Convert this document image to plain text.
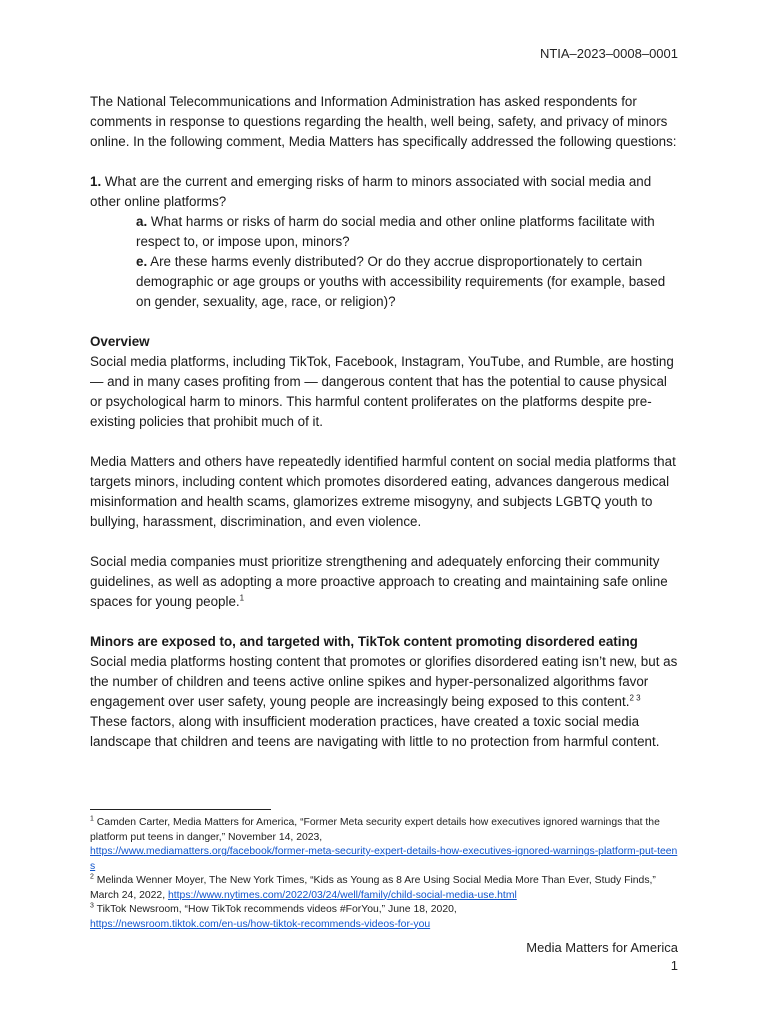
NTIA–2023–0008–0001

The National Telecommunications and Information Administration has asked respondents for comments in response to questions regarding the health, well being, safety, and privacy of minors online. In the following comment, Media Matters has specifically addressed the following questions:

1. What are the current and emerging risks of harm to minors associated with social media and other online platforms?

a. What harms or risks of harm do social media and other online platforms facilitate with respect to, or impose upon, minors?

e. Are these harms evenly distributed? Or do they accrue disproportionately to certain demographic or age groups or youths with accessibility requirements (for example, based on gender, sexuality, age, race, or religion)?

Overview

Social media platforms, including TikTok, Facebook, Instagram, YouTube, and Rumble, are hosting — and in many cases profiting from — dangerous content that has the potential to cause physical or psychological harm to minors. This harmful content proliferates on the platforms despite pre-existing policies that prohibit much of it.

Media Matters and others have repeatedly identified harmful content on social media platforms that targets minors, including content which promotes disordered eating, advances dangerous medical misinformation and health scams, glamorizes extreme misogyny, and subjects LGBTQ youth to bullying, harassment, discrimination, and even violence.

Social media companies must prioritize strengthening and adequately enforcing their community guidelines, as well as adopting a more proactive approach to creating and maintaining safe online spaces for young people.$^1$

Minors are exposed to, and targeted with, TikTok content promoting disordered eating

Social media platforms hosting content that promotes or glorifies disordered eating isn’t new, but as the number of children and teens active online spikes and hyper-personalized algorithms favor engagement over user safety, young people are increasingly being exposed to this content.$^{2 3}$ These factors, along with insufficient moderation practices, have created a toxic social media landscape that children and teens are navigating with little to no protection from harmful content.

$^1$ Camden Carter, Media Matters for America, “Former Meta security expert details how executives ignored warnings that the platform put teens in danger,” November 14, 2023,
https://www.mediamatters.org/facebook/former-meta-security-expert-details-how-executives-ignored-warnings-platform-put-teens

$^2$ Melinda Wenner Moyer, The New York Times, “Kids as Young as 8 Are Using Social Media More Than Ever, Study Finds,” March 24, 2022, https://www.nytimes.com/2022/03/24/well/family/child-social-media-use.html

$^3$ TikTok Newsroom, “How TikTok recommends videos #ForYou,” June 18, 2020,
https://newsroom.tiktok.com/en-us/how-tiktok-recommends-videos-for-you

Media Matters for America
1
